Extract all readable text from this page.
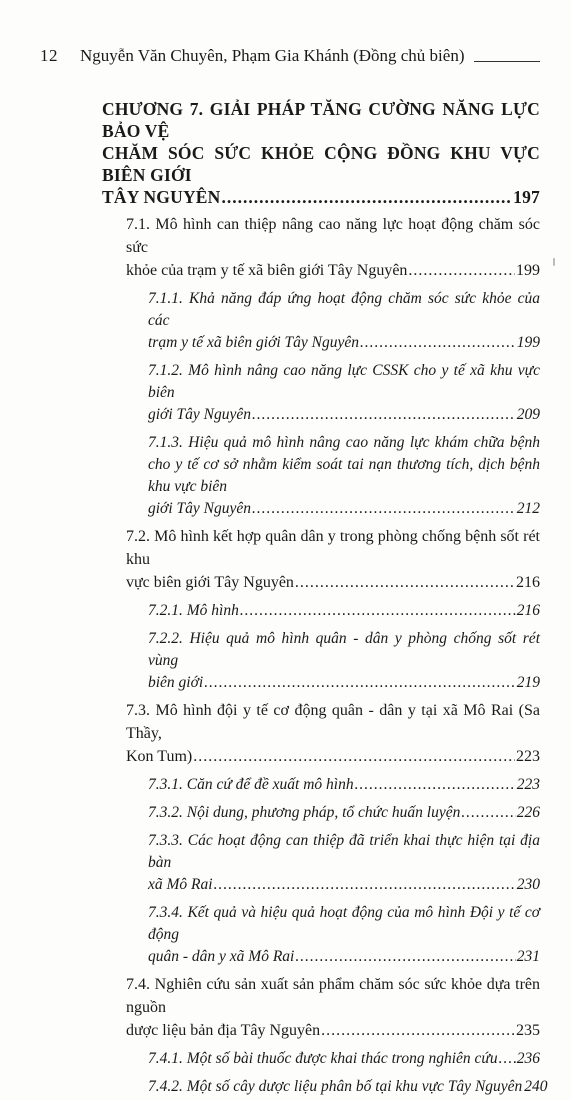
12 Nguyễn Văn Chuyên, Phạm Gia Khánh (Đồng chủ biên)
CHƯƠNG 7. GIẢI PHÁP TĂNG CƯỜNG NĂNG LỰC BẢO VỆ
CHĂM SÓC SỨC KHỎE CỘNG ĐỒNG KHU VỰC BIÊN GIỚI
TÂY NGUYÊN .....	197
7.1. Mô hình can thiệp nâng cao năng lực hoạt động chăm sóc sức
khỏe của trạm y tế xã biên giới Tây Nguyên .....	199
7.1.1. Khả năng đáp ứng hoạt động chăm sóc sức khỏe của các
trạm y tế xã biên giới Tây Nguyên .....	199
7.1.2. Mô hình nâng cao năng lực CSSK cho y tế xã khu vực biên
giới Tây Nguyên .....	209
7.1.3. Hiệu quả mô hình nâng cao năng lực khám chữa bệnh cho y tế cơ sở nhằm kiểm soát tai nạn thương tích, dịch bệnh khu vực biên
giới Tây Nguyên .....	212
7.2. Mô hình kết hợp quân dân y trong phòng chống bệnh sốt rét khu
vực biên giới Tây Nguyên .....	216
7.2.1. Mô hình .....	216
7.2.2. Hiệu quả mô hình quân - dân y phòng chống sốt rét vùng
biên giới .....	219
7.3. Mô hình đội y tế cơ động quân - dân y tại xã Mô Rai (Sa Thầy,
Kon Tum) .....	223
7.3.1. Căn cứ để đề xuất mô hình .....	223
7.3.2. Nội dung, phương pháp, tổ chức huấn luyện .....	226
7.3.3. Các hoạt động can thiệp đã triển khai thực hiện tại địa bàn
xã Mô Rai .....	230
7.3.4. Kết quả và hiệu quả hoạt động của mô hình Đội y tế cơ động
quân - dân y xã Mô Rai .....	231
7.4. Nghiên cứu sản xuất sản phẩm chăm sóc sức khỏe dựa trên nguồn
dược liệu bản địa Tây Nguyên .....	235
7.4.1. Một số bài thuốc được khai thác trong nghiên cứu ..... 236
7.4.2. Một số cây dược liệu phân bố tại khu vực Tây Nguyên 240
